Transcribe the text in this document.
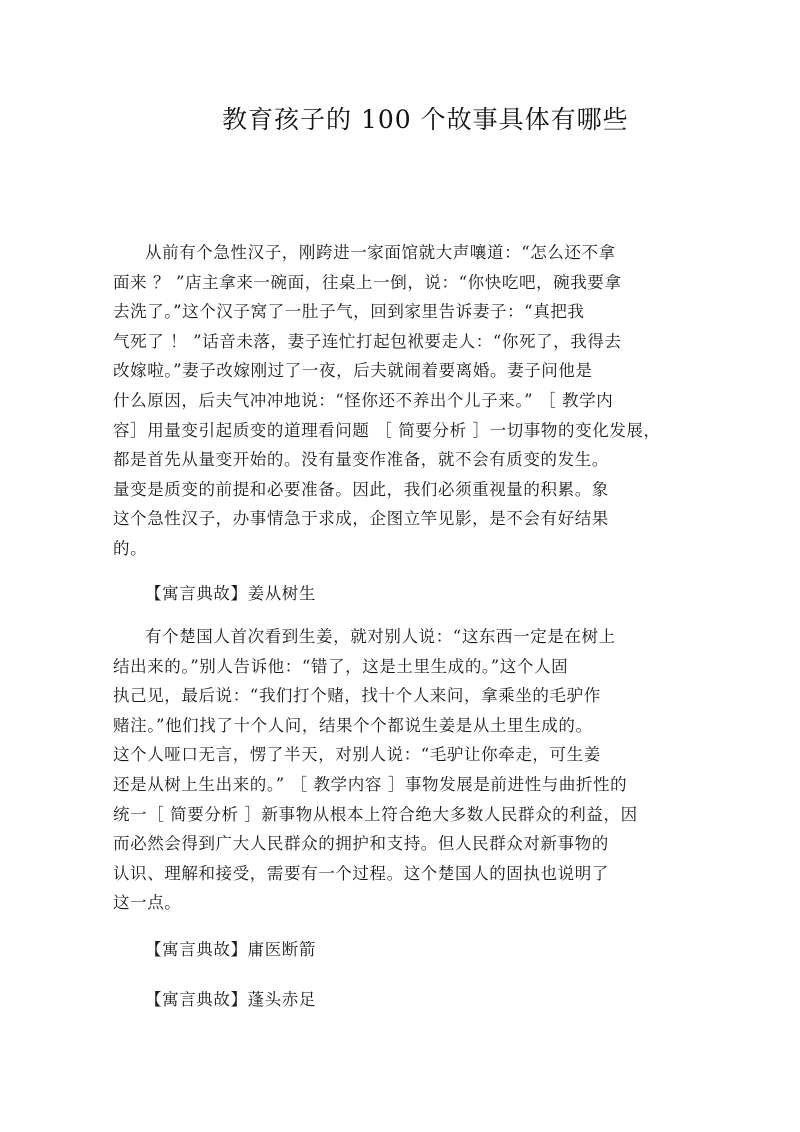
教育孩子的 100 个故事具体有哪些
从前有个急性汉子，刚跨进一家面馆就大声嚷道：“怎么还不拿
面来 ？ ”店主拿来一碗面，往桌上一倒，说：“你快吃吧，碗我要拿
去洗了。”这个汉子窝了一肚子气，回到家里告诉妻子：“真把我
气死了 ！ ”话音未落，妻子连忙打起包袱要走人：“你死了，我得去
改嫁啦。”妻子改嫁刚过了一夜，后夫就闹着要离婚。妻子问他是
什么原因，后夫气冲冲地说：“怪你还不养出个儿子来。” ［ 教学内
容］用量变引起质变的道理看问题 ［ 简要分析 ］一切事物的变化发展，
都是首先从量变开始的。没有量变作准备，就不会有质变的发生。
量变是质变的前提和必要准备。因此，我们必须重视量的积累。象
这个急性汉子，办事情急于求成，企图立竿见影，是不会有好结果
的。
【寓言典故】姜从树生
有个楚国人首次看到生姜，就对别人说：“这东西一定是在树上
结出来的。”别人告诉他：“错了，这是土里生成的。”这个人固
执己见，最后说：“我们打个赌，找十个人来问，拿乘坐的毛驴作
赌注。”他们找了十个人问，结果个个都说生姜是从土里生成的。
这个人哑口无言，愣了半天，对别人说：“毛驴让你牵走，可生姜
还是从树上生出来的。” ［ 教学内容 ］事物发展是前进性与曲折性的
统一［ 简要分析 ］新事物从根本上符合绝大多数人民群众的利益，因
而必然会得到广大人民群众的拥护和支持。但人民群众对新事物的
认识、理解和接受，需要有一个过程。这个楚国人的固执也说明了
这一点。
【寓言典故】庸医断箭
【寓言典故】蓬头赤足
